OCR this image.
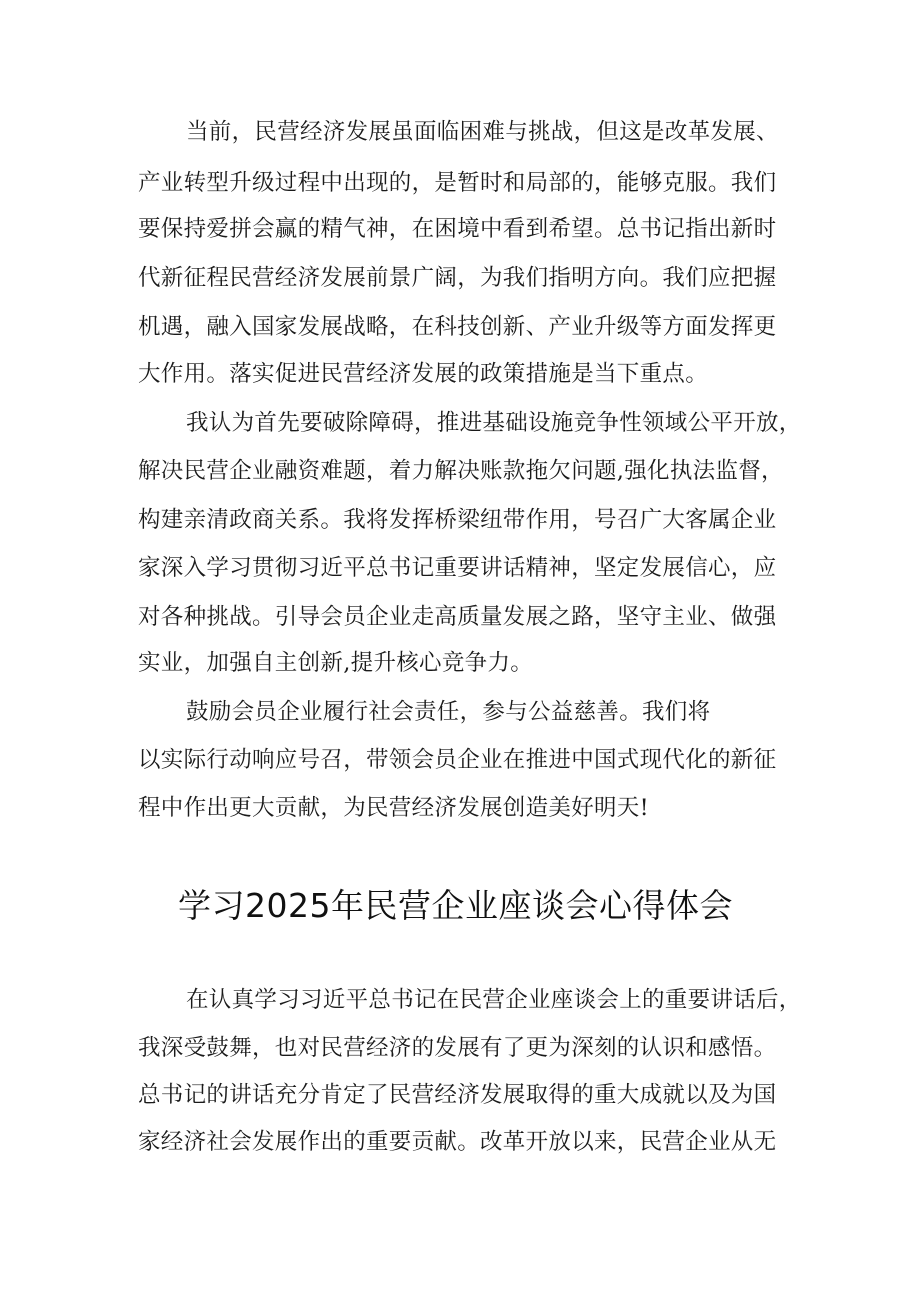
当前，民营经济发展虽面临困难与挑战，但这是改革发展、
产业转型升级过程中出现的，是暂时和局部的，能够克服。我们
要保持爱拼会赢的精气神，在困境中看到希望。总书记指出新时
代新征程民营经济发展前景广阔，为我们指明方向。我们应把握
机遇，融入国家发展战略，在科技创新、产业升级等方面发挥更
大作用。落实促进民营经济发展的政策措施是当下重点。
我认为首先要破除障碍，推进基础设施竞争性领域公平开放，
解决民营企业融资难题，着力解决账款拖欠问题,强化执法监督，
构建亲清政商关系。我将发挥桥梁纽带作用，号召广大客属企业
家深入学习贯彻习近平总书记重要讲话精神，坚定发展信心，应
对各种挑战。引导会员企业走高质量发展之路，坚守主业、做强
实业，加强自主创新,提升核心竞争力。
鼓励会员企业履行社会责任，参与公益慈善。我们将
以实际行动响应号召，带领会员企业在推进中国式现代化的新征
程中作出更大贡献，为民营经济发展创造美好明天!
学习2025年民营企业座谈会心得体会
在认真学习习近平总书记在民营企业座谈会上的重要讲话后，
我深受鼓舞，也对民营经济的发展有了更为深刻的认识和感悟。
总书记的讲话充分肯定了民营经济发展取得的重大成就以及为国
家经济社会发展作出的重要贡献。改革开放以来，民营企业从无
